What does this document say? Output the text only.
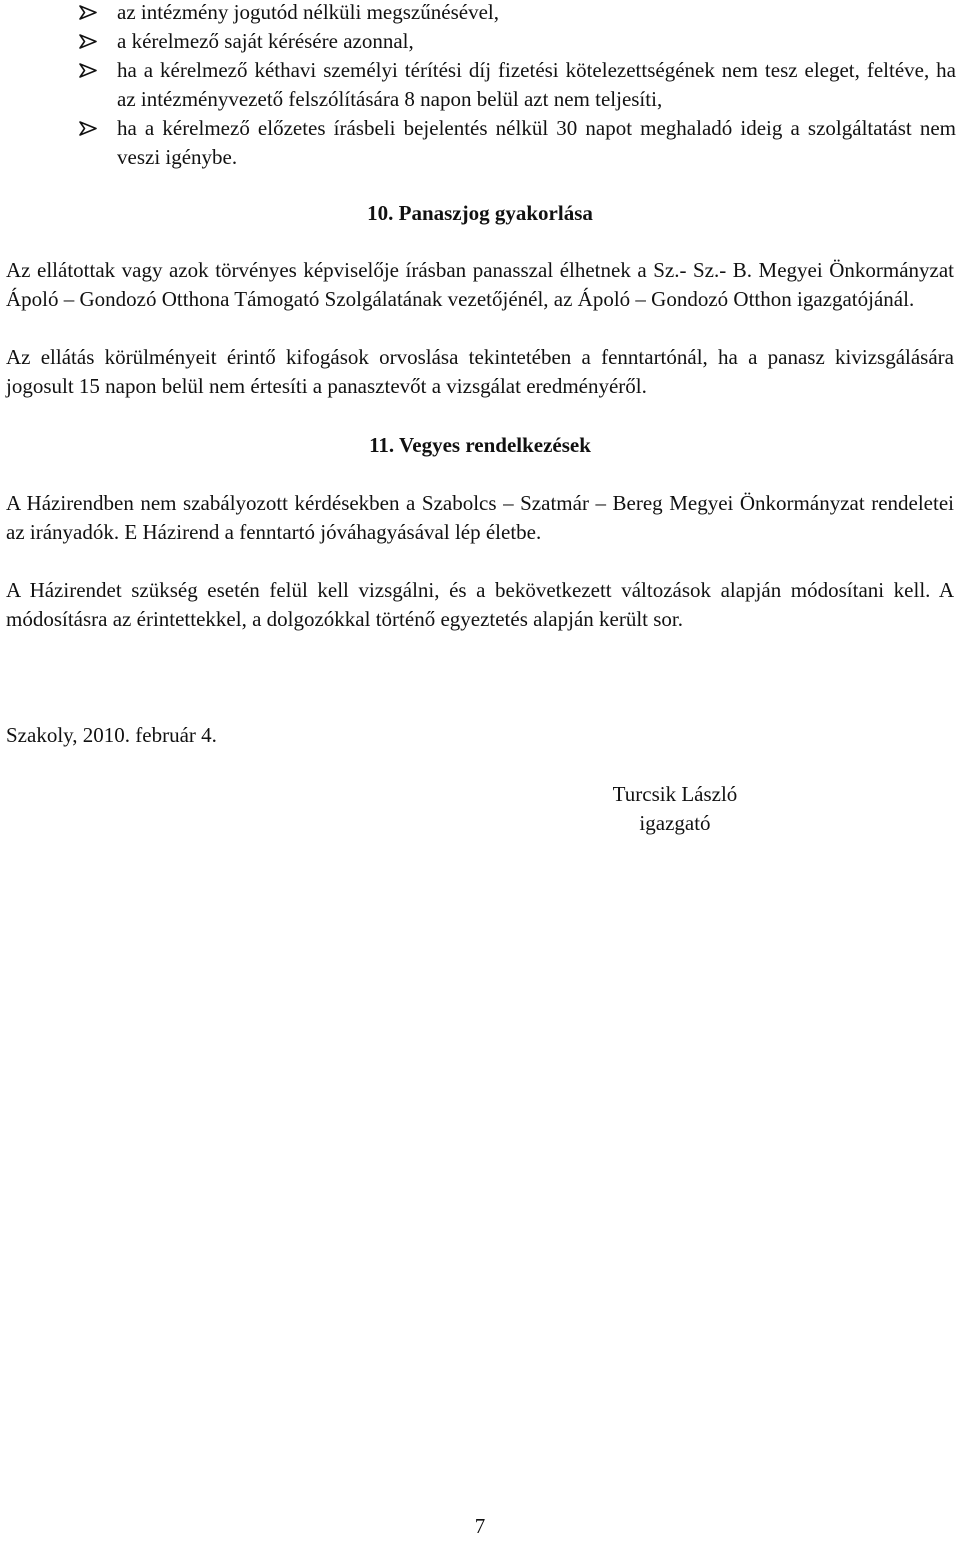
az intézmény jogutód nélküli megszűnésével,
a kérelmező saját kérésére azonnal,
ha a kérelmező kéthavi személyi térítési díj fizetési kötelezettségének nem tesz eleget, feltéve, ha az intézményvezető felszólítására 8 napon belül azt nem teljesíti,
ha a kérelmező előzetes írásbeli bejelentés nélkül 30 napot meghaladó ideig a szolgáltatást nem veszi igénybe.
10. Panaszjog gyakorlása

Az ellátottak vagy azok törvényes képviselője írásban panasszal élhetnek a Sz.- Sz.- B. Megyei Önkormányzat Ápoló – Gondozó Otthona Támogató Szolgálatának vezetőjénél, az Ápoló – Gondozó Otthon igazgatójánál.

Az ellátás körülményeit érintő kifogások orvoslása tekintetében a fenntartónál, ha a panasz kivizsgálására jogosult 15 napon belül nem értesíti a panasztevőt a vizsgálat eredményéről.

11. Vegyes rendelkezések

A Házirendben nem szabályozott kérdésekben a Szabolcs – Szatmár – Bereg Megyei Önkormányzat rendeletei az irányadók. E Házirend a fenntartó jóváhagyásával lép életbe.

A Házirendet szükség esetén felül kell vizsgálni, és a bekövetkezett változások alapján módosítani kell. A módosításra az érintettekkel, a dolgozókkal történő egyeztetés alapján került sor.

Szakoly, 2010. február 4.
Turcsik László
igazgató
7
